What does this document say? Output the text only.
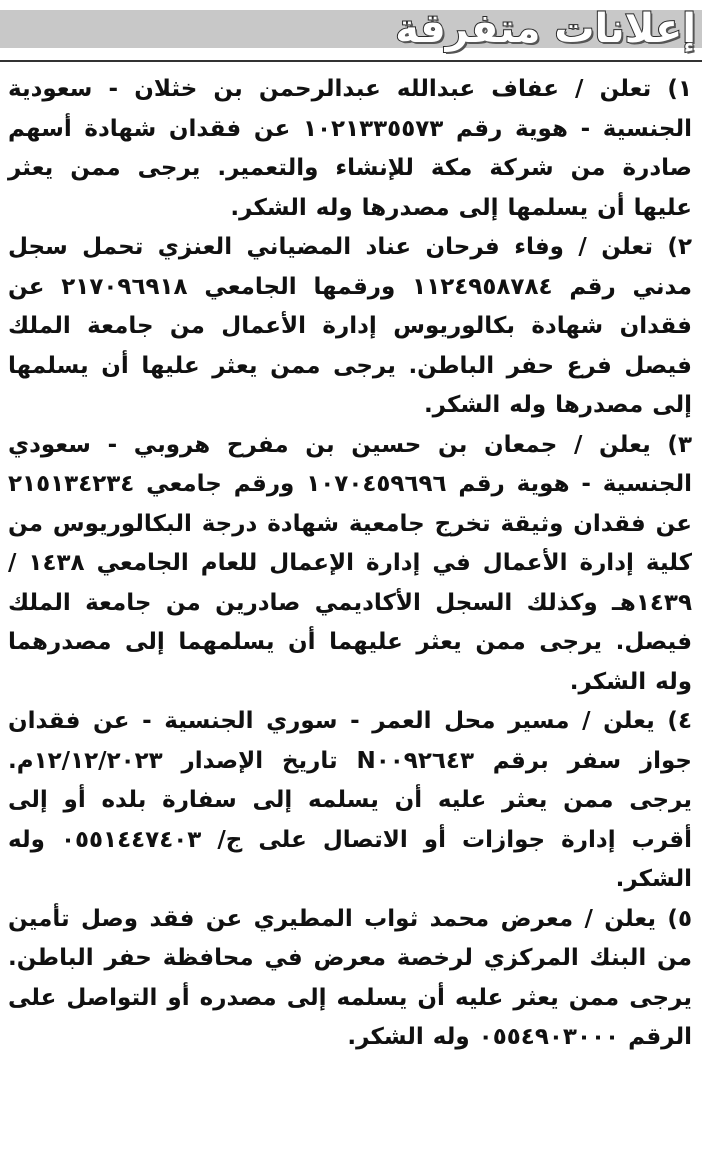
إعلانات متفرقة

١) تعلن / عفاف عبدالله عبدالرحمن بن خثلان - سعودية الجنسية - هوية رقم ١٠٢١٣٣٥٥٧٣ عن فقدان شهادة أسهم صادرة من شركة مكة للإنشاء والتعمير. يرجى ممن يعثر عليها أن يسلمها إلى مصدرها وله الشكر.

٢) تعلن / وفاء فرحان عناد المضياني العنزي تحمل سجل مدني رقم ١١٢٤٩٥٨٧٨٤ ورقمها الجامعي ٢١٧٠٩٦٩١٨ عن فقدان شهادة بكالوريوس إدارة الأعمال من جامعة الملك فيصل فرع حفر الباطن. يرجى ممن يعثر عليها أن يسلمها إلى مصدرها وله الشكر.

٣) يعلن / جمعان بن حسين بن مفرح هروبي - سعودي الجنسية - هوية رقم ١٠٧٠٤٥٩٦٩٦ ورقم جامعي ٢١٥١٣٤٢٣٤ عن فقدان وثيقة تخرج جامعية شهادة درجة البكالوريوس من كلية إدارة الأعمال في إدارة الإعمال للعام الجامعي ١٤٣٨ / ١٤٣٩هـ وكذلك السجل الأكاديمي صادرين من جامعة الملك فيصل. يرجى ممن يعثر عليهما أن يسلمهما إلى مصدرهما وله الشكر.

٤) يعلن / مسير محل العمر - سوري الجنسية - عن فقدان جواز سفر برقم N٠٠٩٢٦٤٣ تاريخ الإصدار ١٢/١٢/٢٠٢٣م. يرجى ممن يعثر عليه أن يسلمه إلى سفارة بلده أو إلى أقرب إدارة جوازات أو الاتصال على ج/ ٠٥٥١٤٤٧٤٠٣ وله الشكر.

٥) يعلن / معرض محمد ثواب المطيري عن فقد وصل تأمين من البنك المركزي لرخصة معرض في محافظة حفر الباطن. يرجى ممن يعثر عليه أن يسلمه إلى مصدره أو التواصل على الرقم ٠٥٥٤٩٠٣٠٠٠ وله الشكر.
